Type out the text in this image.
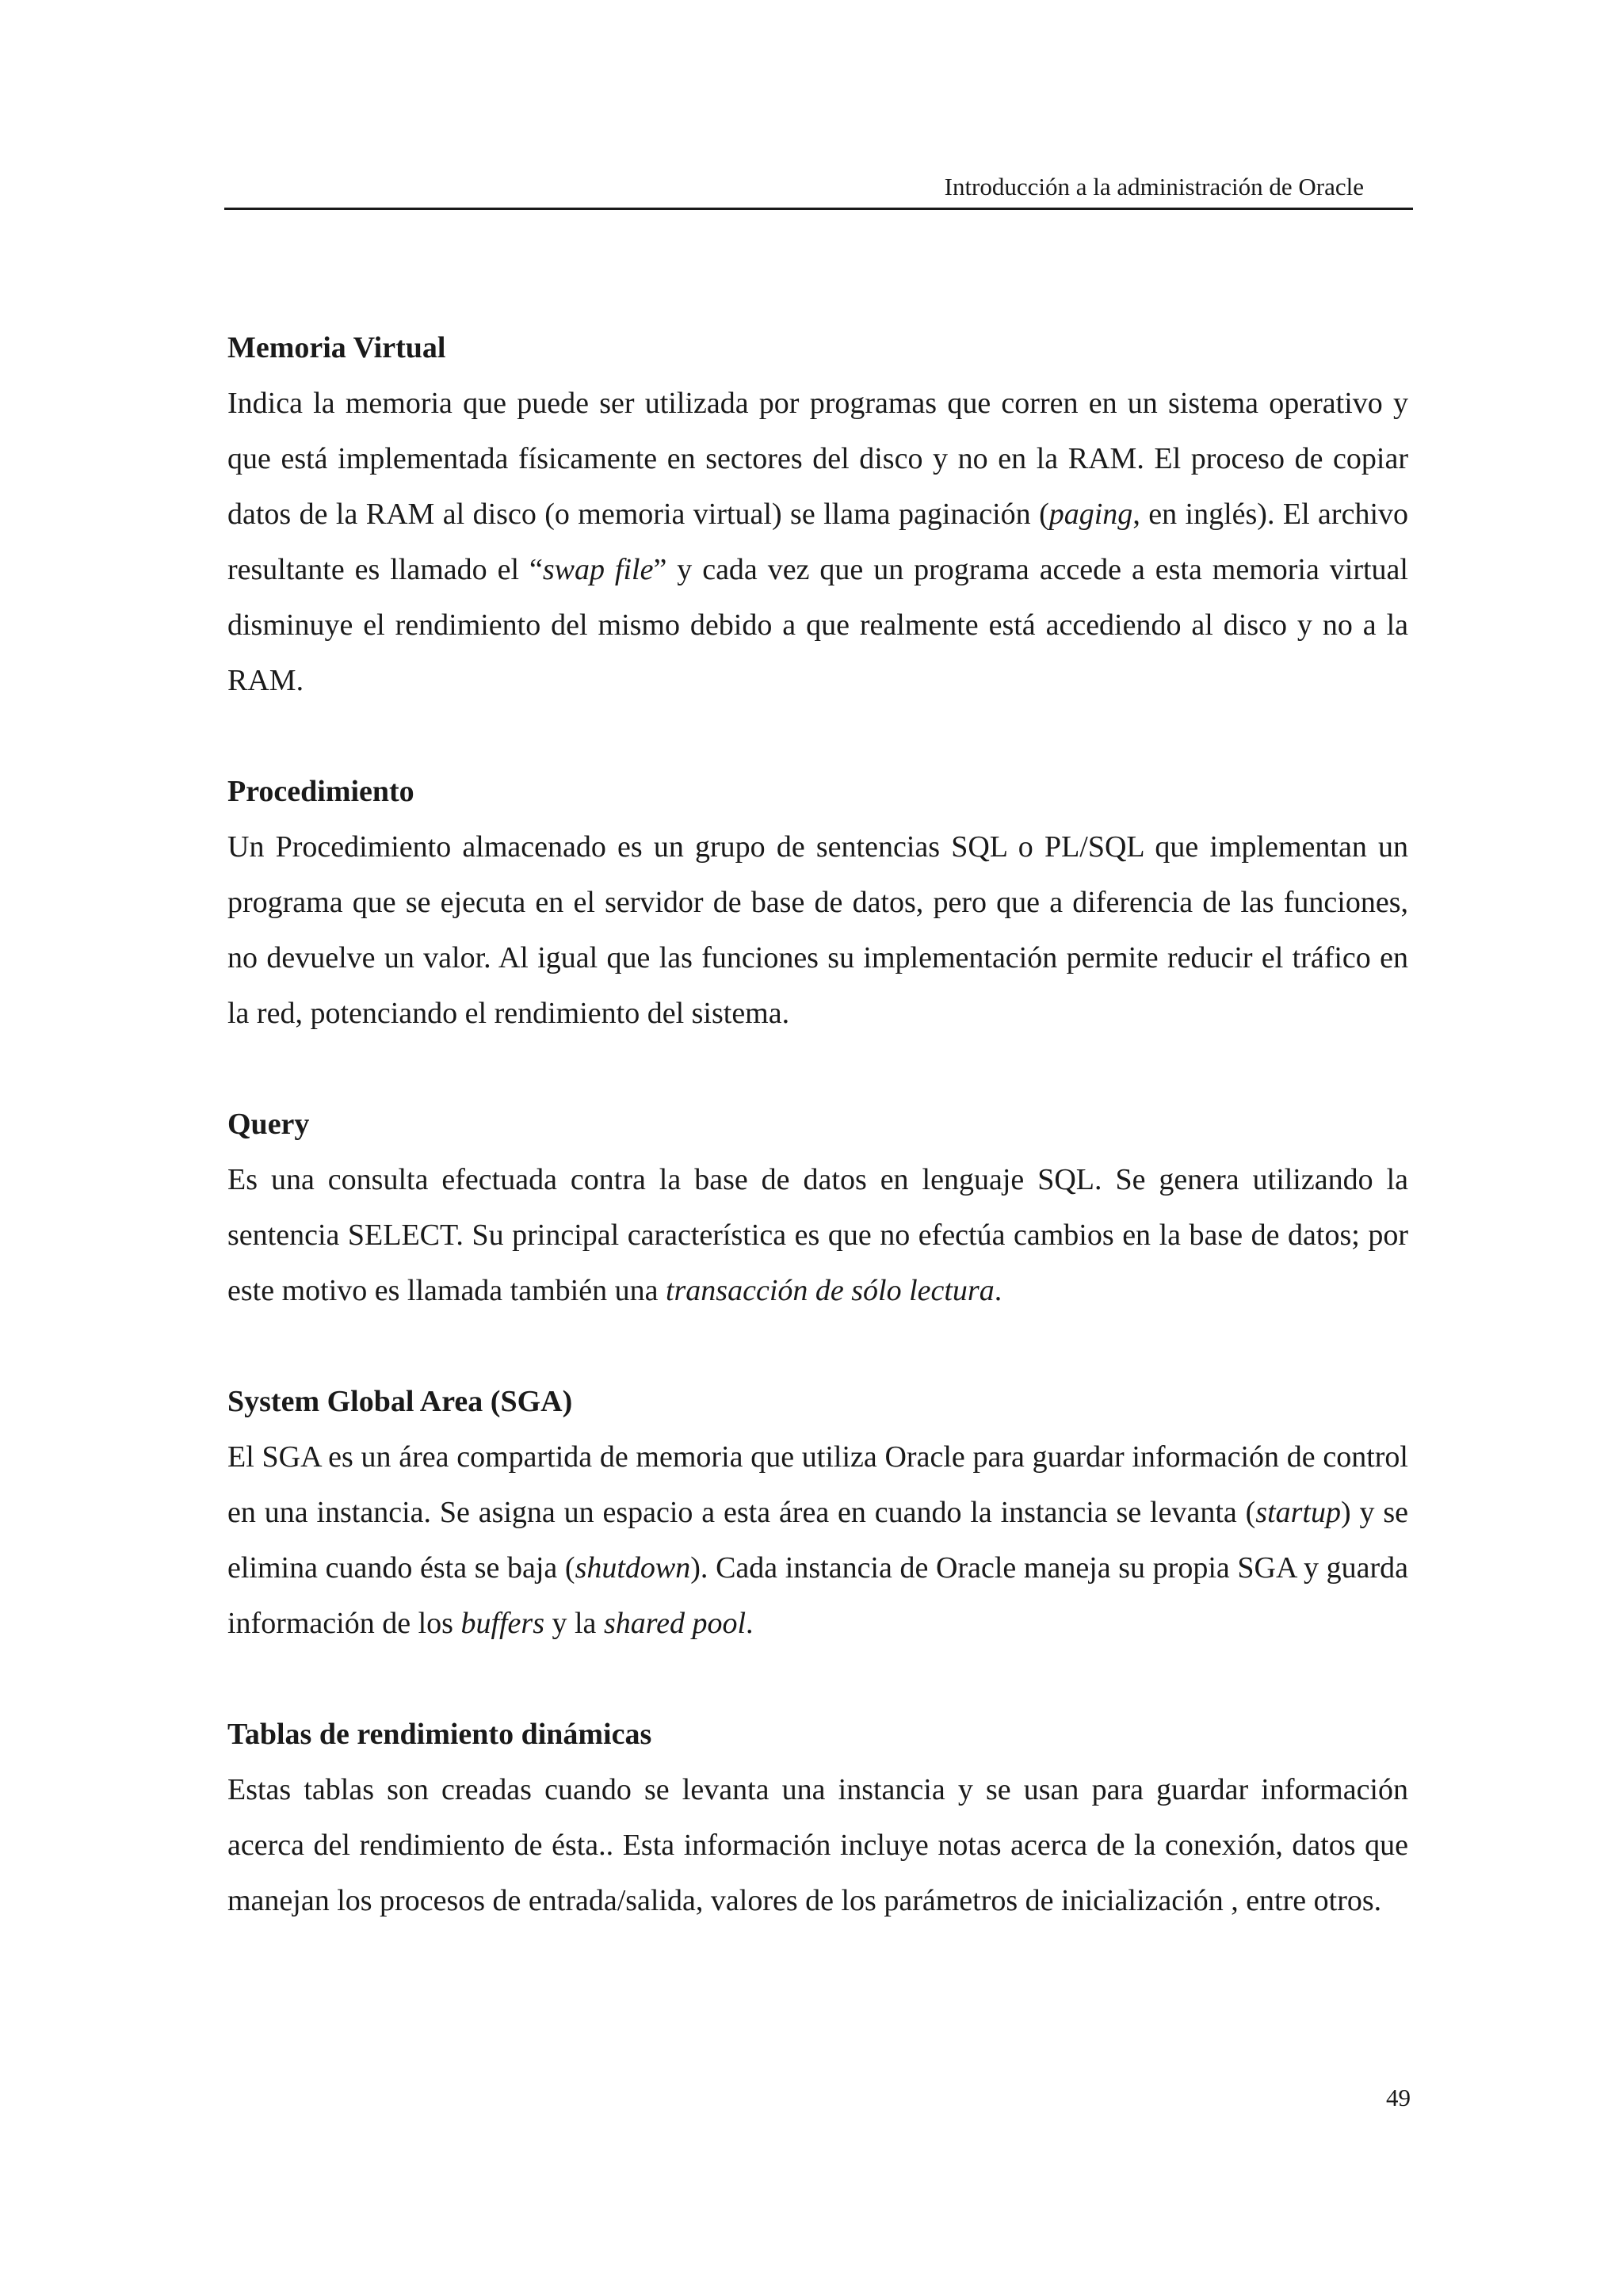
Introducción a la administración de Oracle

Memoria Virtual

Indica la memoria que puede ser utilizada por programas que corren en un sistema operativo y que está implementada físicamente en sectores del disco y no en la RAM. El proceso de copiar datos de la RAM al disco (o memoria virtual) se llama paginación (paging, en inglés). El archivo resultante es llamado el “swap file” y cada vez que un programa accede a esta memoria virtual disminuye el rendimiento del mismo debido a que realmente está accediendo al disco y no a la RAM.

Procedimiento

Un Procedimiento almacenado es un grupo de sentencias SQL o PL/SQL que implementan un programa que se ejecuta en el servidor de base de datos, pero que a diferencia de las funciones, no devuelve un valor. Al igual que las funciones su implementación permite reducir el tráfico en la red, potenciando el rendimiento del sistema.

Query

Es una consulta efectuada contra la base de datos en lenguaje SQL. Se genera utilizando la sentencia SELECT. Su principal característica es que no efectúa cambios en la base de datos; por este motivo es llamada también una transacción de sólo lectura.

System Global Area (SGA)

El SGA es un área compartida de memoria que utiliza Oracle para guardar información de control en una instancia. Se asigna un espacio a esta área en cuando la instancia se levanta (startup) y se elimina cuando ésta se baja (shutdown). Cada instancia de Oracle maneja su propia SGA y guarda información de los buffers y la shared pool.

Tablas de rendimiento dinámicas

Estas tablas son creadas cuando se levanta una instancia y se usan para guardar información acerca del rendimiento de ésta.. Esta información incluye notas acerca de la conexión, datos que manejan los procesos de entrada/salida, valores de los parámetros de inicialización , entre otros.

49
